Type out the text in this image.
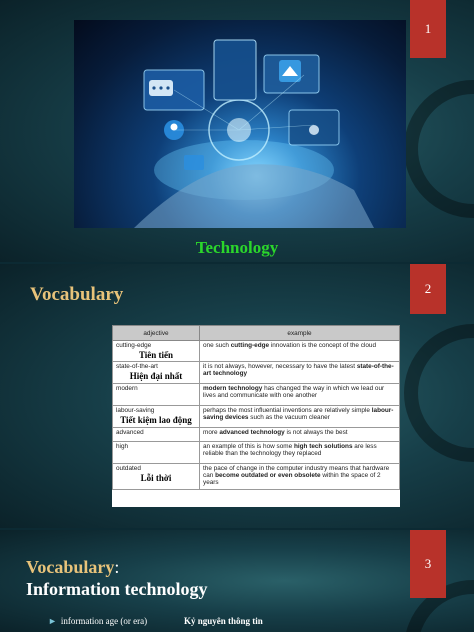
1
Technology
2
Vocabulary
adjective	example
cutting-edge
Tiên tiến	one such cutting-edge innovation is the concept of the cloud
state-of-the-art
Hiện đại nhất	it is not always, however, necessary to have the latest state-of-the-art technology
modern	modern technology has changed the way in which we lead our lives and communicate with one another
labour-saving
Tiết kiệm lao động	perhaps the most influential inventions are relatively simple labour-saving devices such as the vacuum cleaner
advanced	more advanced technology is not always the best
high	an example of this is how some high tech solutions are less reliable than the technology they replaced
outdated
Lỗi thời	the pace of change in the computer industry means that hardware can become outdated or even obsolete within the space of 2 years
3
Vocabulary:
Information technology
► information age (or era)	Kỷ nguyên thông tin
